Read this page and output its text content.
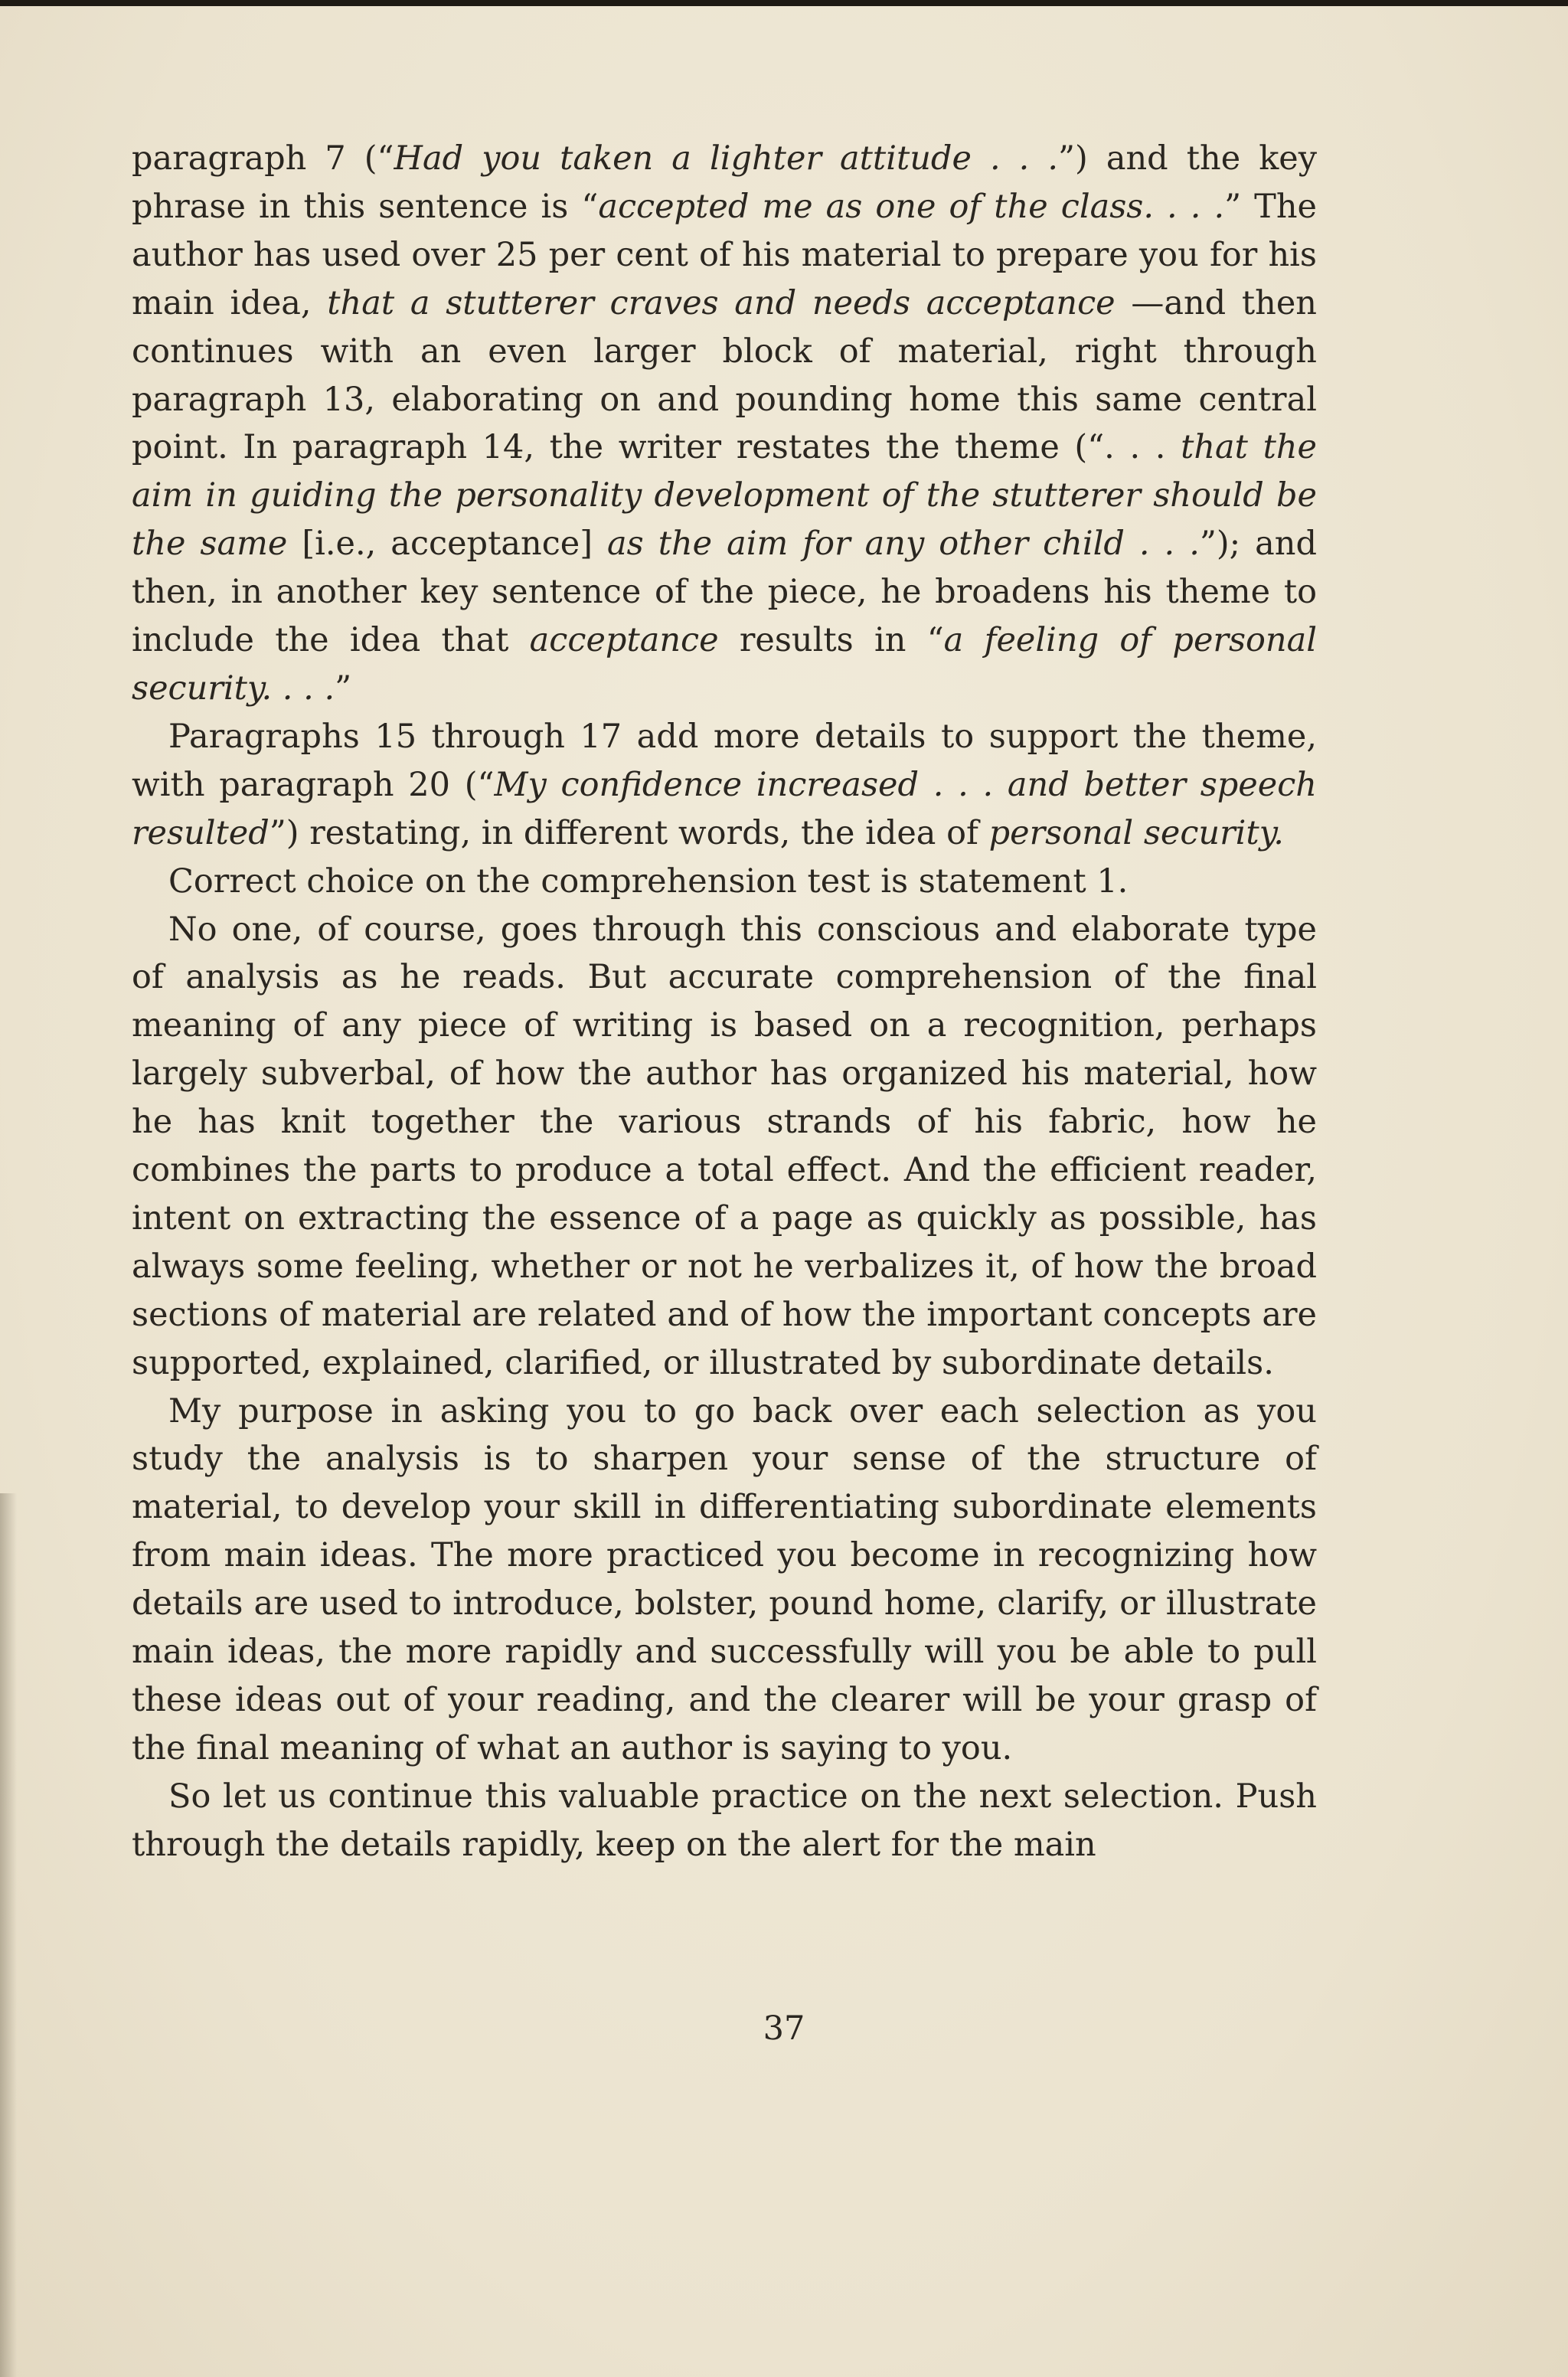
paragraph 7 (“Had you taken a lighter attitude . . .”) and the key phrase in this sentence is “accepted me as one of the class. . . .” The author has used over 25 per cent of his material to prepare you for his main idea, that a stutterer craves and needs acceptance —and then continues with an even larger block of material, right through paragraph 13, elaborating on and pounding home this same central point. In paragraph 14, the writer restates the theme (“. . . that the aim in guiding the personality development of the stutterer should be the same [i.e., acceptance] as the aim for any other child . . .”); and then, in another key sentence of the piece, he broadens his theme to include the idea that acceptance results in “a feeling of personal security. . . .”

Paragraphs 15 through 17 add more details to support the theme, with paragraph 20 (“My confidence increased . . . and better speech resulted”) restating, in different words, the idea of personal security.

Correct choice on the comprehension test is statement 1.

No one, of course, goes through this conscious and elaborate type of analysis as he reads. But accurate comprehension of the final meaning of any piece of writing is based on a recognition, perhaps largely subverbal, of how the author has organized his material, how he has knit together the various strands of his fabric, how he combines the parts to produce a total effect. And the efficient reader, intent on extracting the essence of a page as quickly as possible, has always some feeling, whether or not he verbalizes it, of how the broad sections of material are related and of how the important concepts are supported, explained, clarified, or illustrated by subordinate details.

My purpose in asking you to go back over each selection as you study the analysis is to sharpen your sense of the structure of material, to develop your skill in differentiating subordinate elements from main ideas. The more practiced you become in recognizing how details are used to introduce, bolster, pound home, clarify, or illustrate main ideas, the more rapidly and successfully will you be able to pull these ideas out of your reading, and the clearer will be your grasp of the final meaning of what an author is saying to you.

So let us continue this valuable practice on the next selection. Push through the details rapidly, keep on the alert for the main

37
